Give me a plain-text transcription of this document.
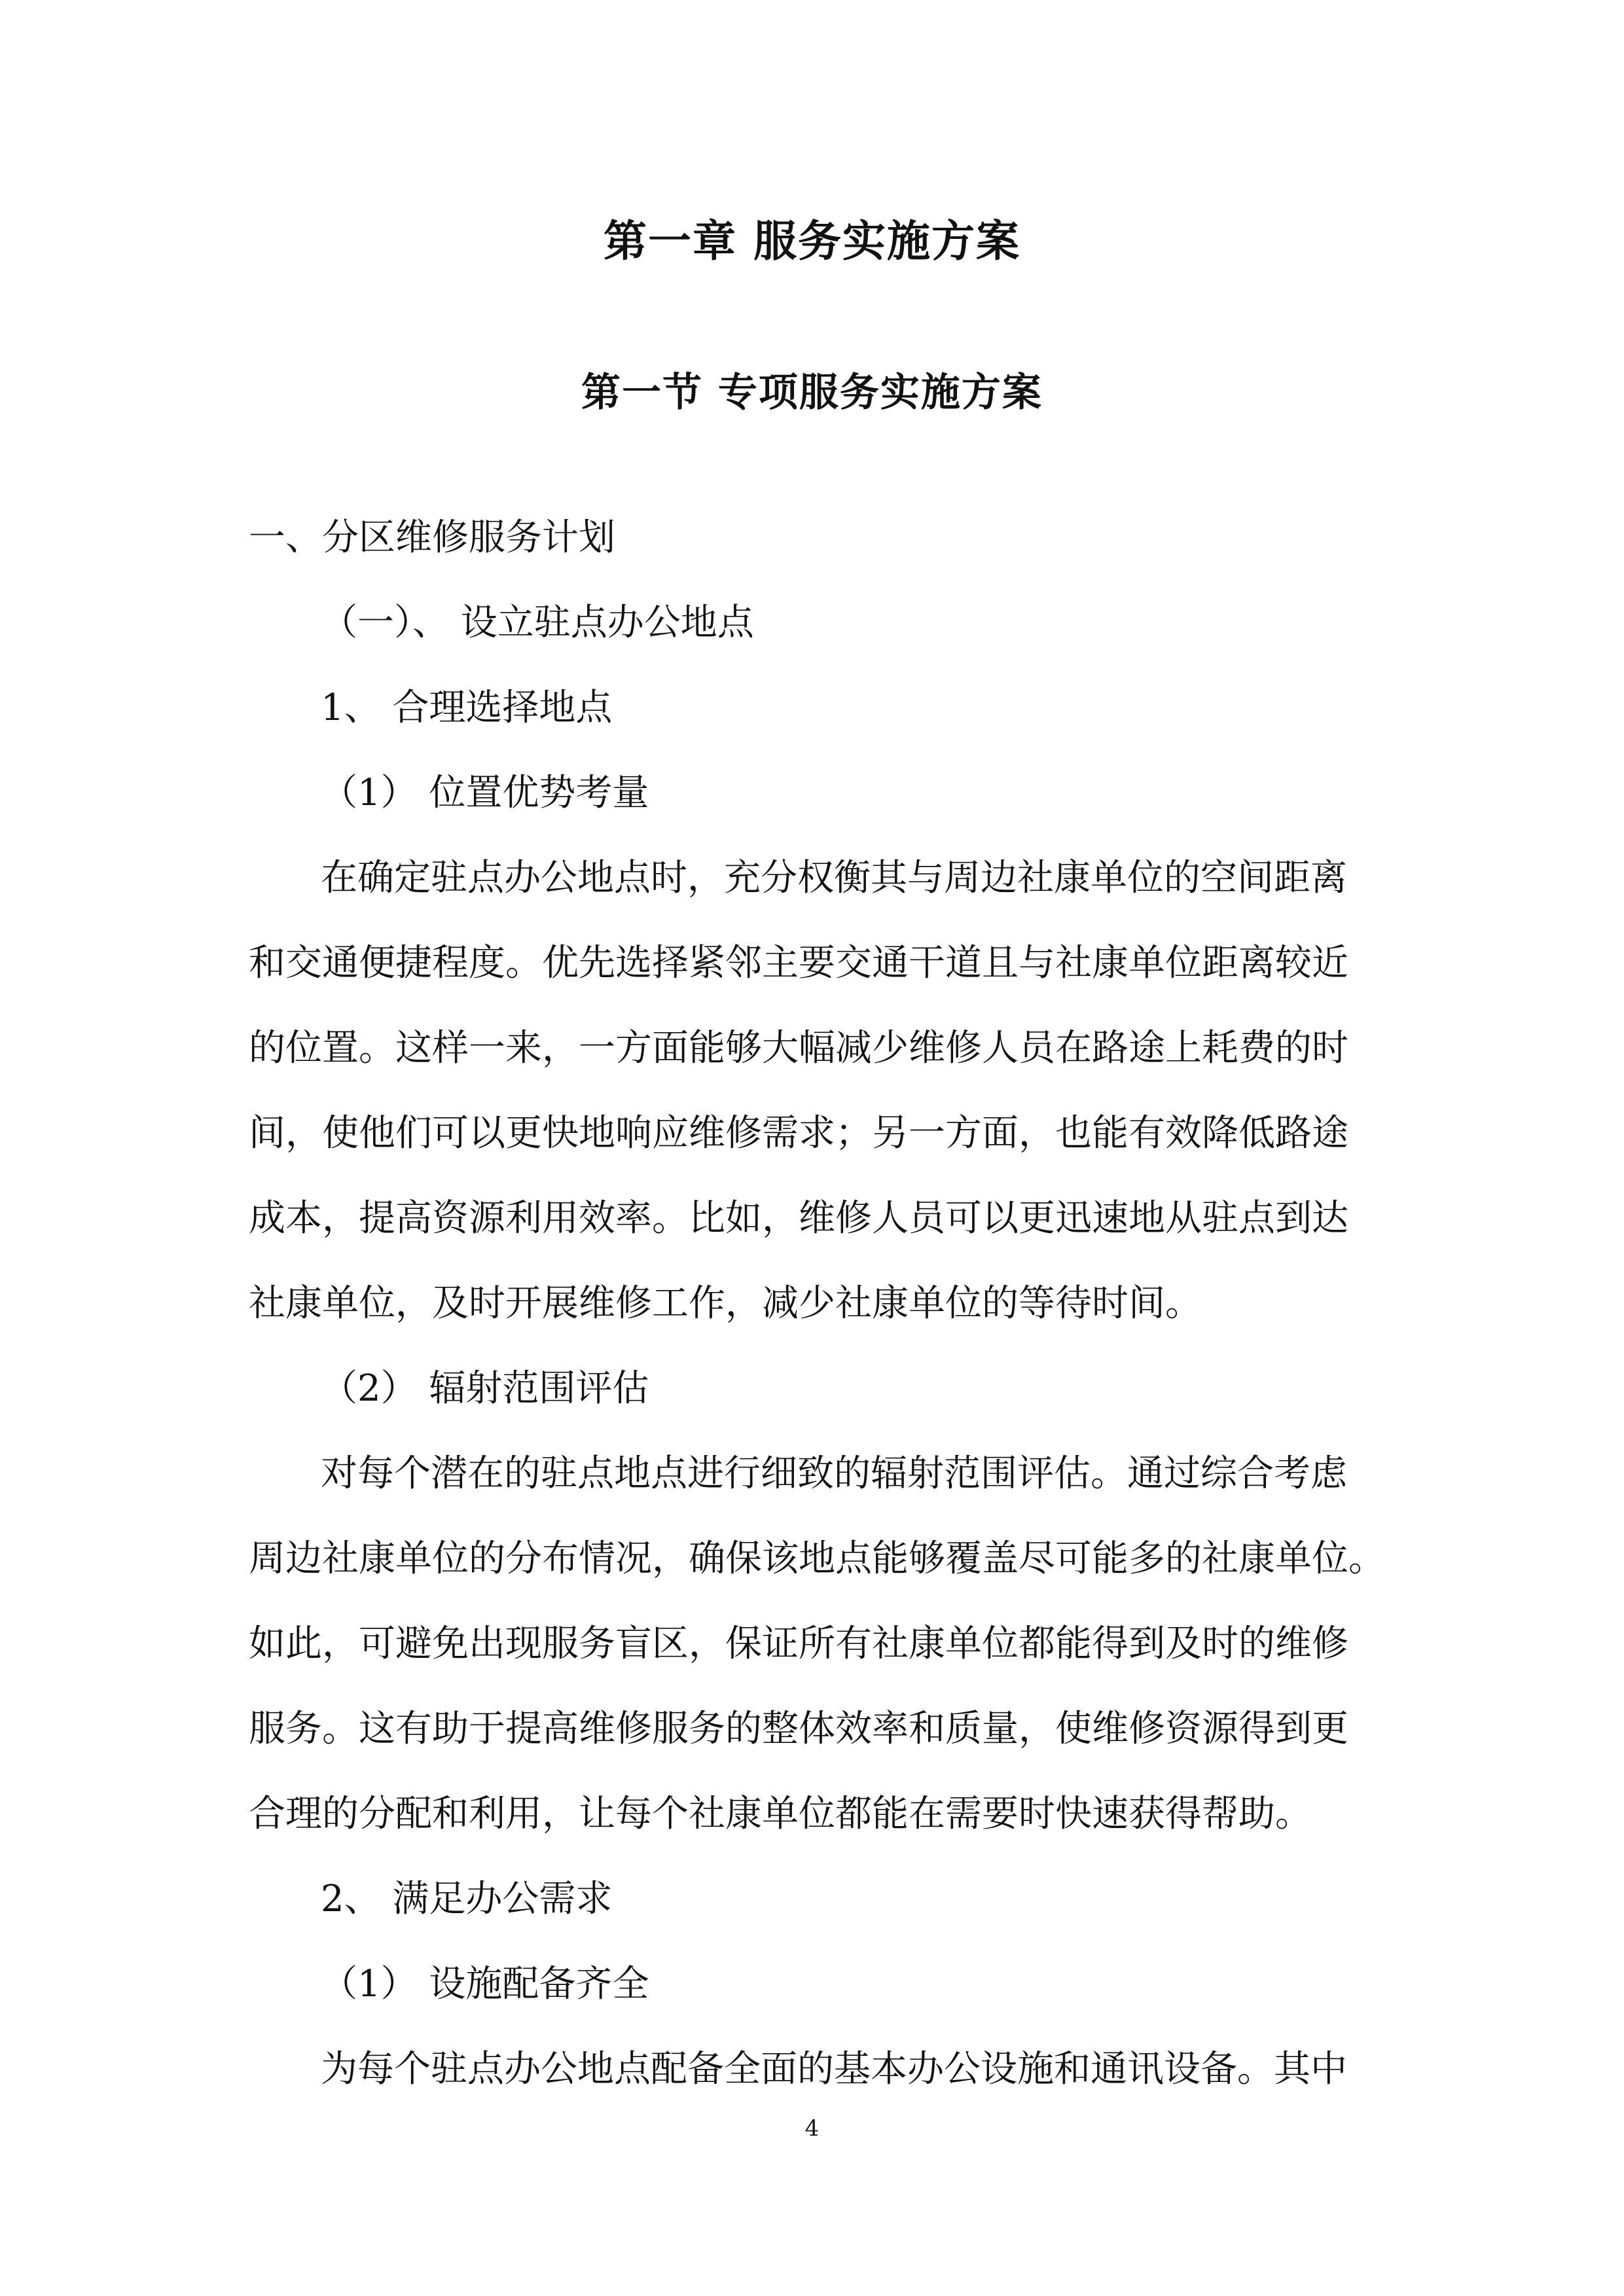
第一章 服务实施方案
第一节 专项服务实施方案
一、分区维修服务计划
（一）、 设立驻点办公地点
1、 合理选择地点
（1） 位置优势考量
在确定驻点办公地点时，充分权衡其与周边社康单位的空间距离
和交通便捷程度。优先选择紧邻主要交通干道且与社康单位距离较近
的位置。这样一来，一方面能够大幅减少维修人员在路途上耗费的时
间，使他们可以更快地响应维修需求；另一方面，也能有效降低路途
成本，提高资源利用效率。比如，维修人员可以更迅速地从驻点到达
社康单位，及时开展维修工作，减少社康单位的等待时间。
（2） 辐射范围评估
对每个潜在的驻点地点进行细致的辐射范围评估。通过综合考虑
周边社康单位的分布情况，确保该地点能够覆盖尽可能多的社康单位。
如此，可避免出现服务盲区，保证所有社康单位都能得到及时的维修
服务。这有助于提高维修服务的整体效率和质量，使维修资源得到更
合理的分配和利用，让每个社康单位都能在需要时快速获得帮助。
2、 满足办公需求
（1） 设施配备齐全
为每个驻点办公地点配备全面的基本办公设施和通讯设备。其中
4
